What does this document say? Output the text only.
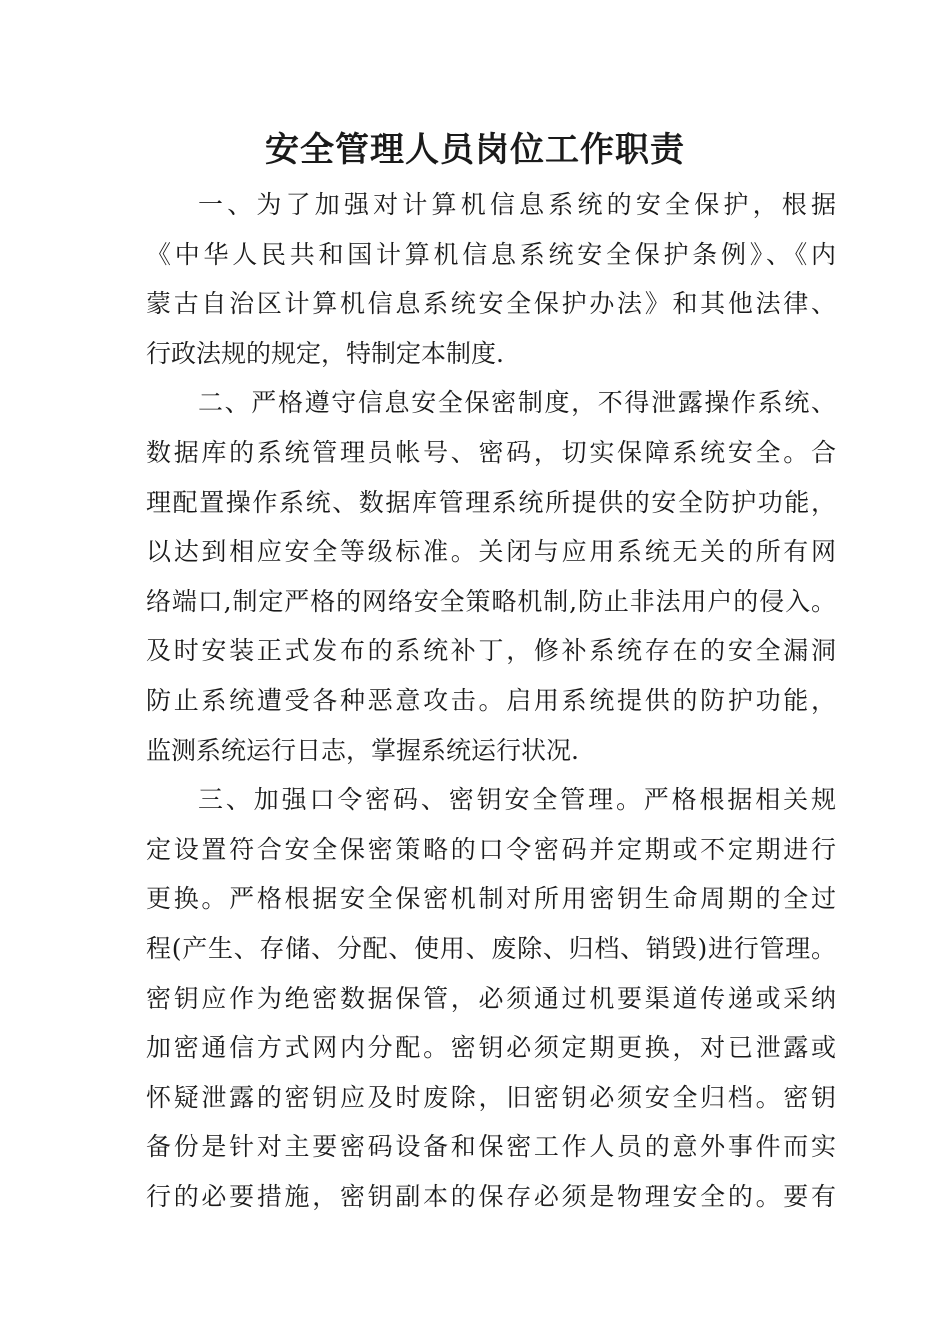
安全管理人员岗位工作职责
一、为了加强对计算机信息系统的安全保护，根据
《中华人民共和国计算机信息系统安全保护条例》、《内
蒙古自治区计算机信息系统安全保护办法》和其他法律、
行政法规的规定，特制定本制度.
二、严格遵守信息安全保密制度，不得泄露操作系统、
数据库的系统管理员帐号、密码，切实保障系统安全。合
理配置操作系统、数据库管理系统所提供的安全防护功能，
以达到相应安全等级标准。关闭与应用系统无关的所有网
络端口,制定严格的网络安全策略机制,防止非法用户的侵入。
及时安装正式发布的系统补丁，修补系统存在的安全漏洞
防止系统遭受各种恶意攻击。启用系统提供的防护功能，
监测系统运行日志，掌握系统运行状况.
三、加强口令密码、密钥安全管理。严格根据相关规
定设置符合安全保密策略的口令密码并定期或不定期进行
更换。严格根据安全保密机制对所用密钥生命周期的全过
程(产生、存储、分配、使用、废除、归档、销毁)进行管理。
密钥应作为绝密数据保管，必须通过机要渠道传递或采纳
加密通信方式网内分配。密钥必须定期更换，对已泄露或
怀疑泄露的密钥应及时废除，旧密钥必须安全归档。密钥
备份是针对主要密码设备和保密工作人员的意外事件而实
行的必要措施，密钥副本的保存必须是物理安全的。要有
